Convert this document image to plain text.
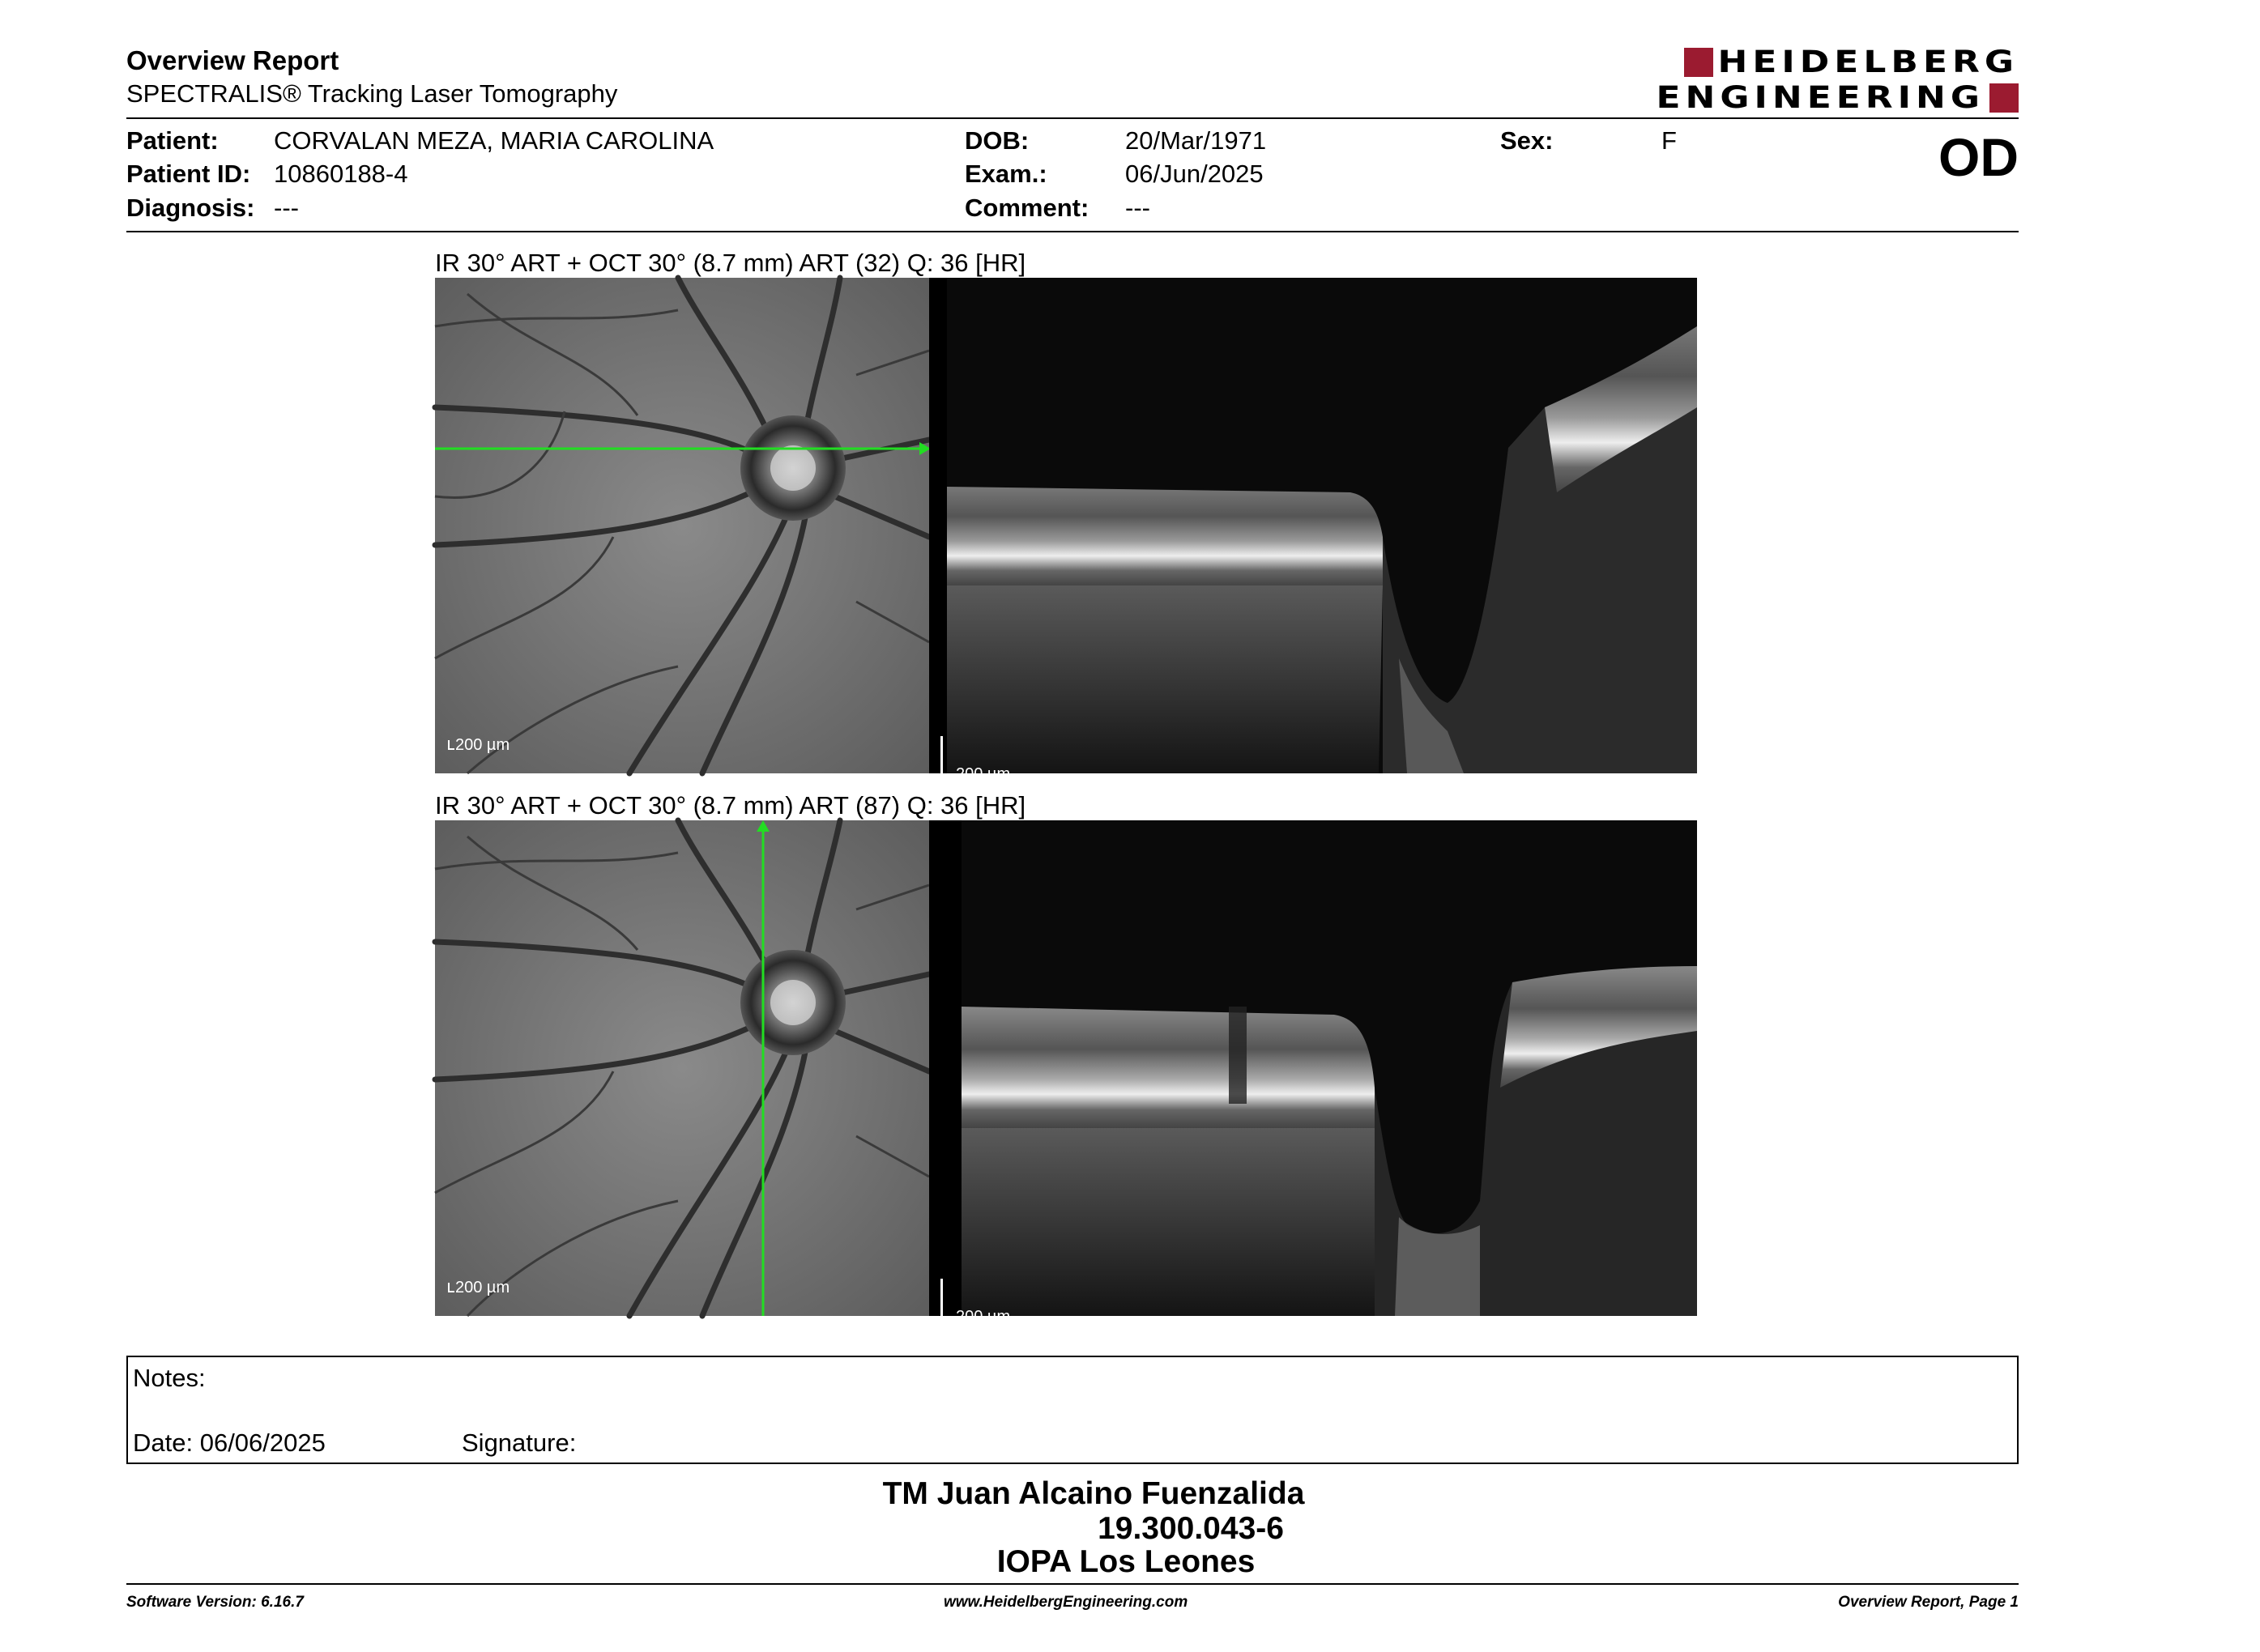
Overview Report
SPECTRALIS® Tracking Laser Tomography
HEIDELBERG
ENGINEERING
Patient: CORVALAN MEZA, MARIA CAROLINA
Patient ID: 10860188-4
Diagnosis: ---
DOB:	20/Mar/1971
Exam.:	06/Jun/2025
Comment: ---
Sex:	F	OD
IR 30° ART + OCT 30° (8.7 mm) ART (32) Q: 36 [HR]
200 µm
200 µm
IR 30° ART + OCT 30° (8.7 mm) ART (87) Q: 36 [HR]
200 µm
200 µm
Notes:
Date: 06/06/2025	Signature:
TM Juan Alcaino Fuenzalida
19.300.043-6
IOPA Los Leones
Software Version: 6.16.7	www.HeidelbergEngineering.com	Overview Report, Page 1
